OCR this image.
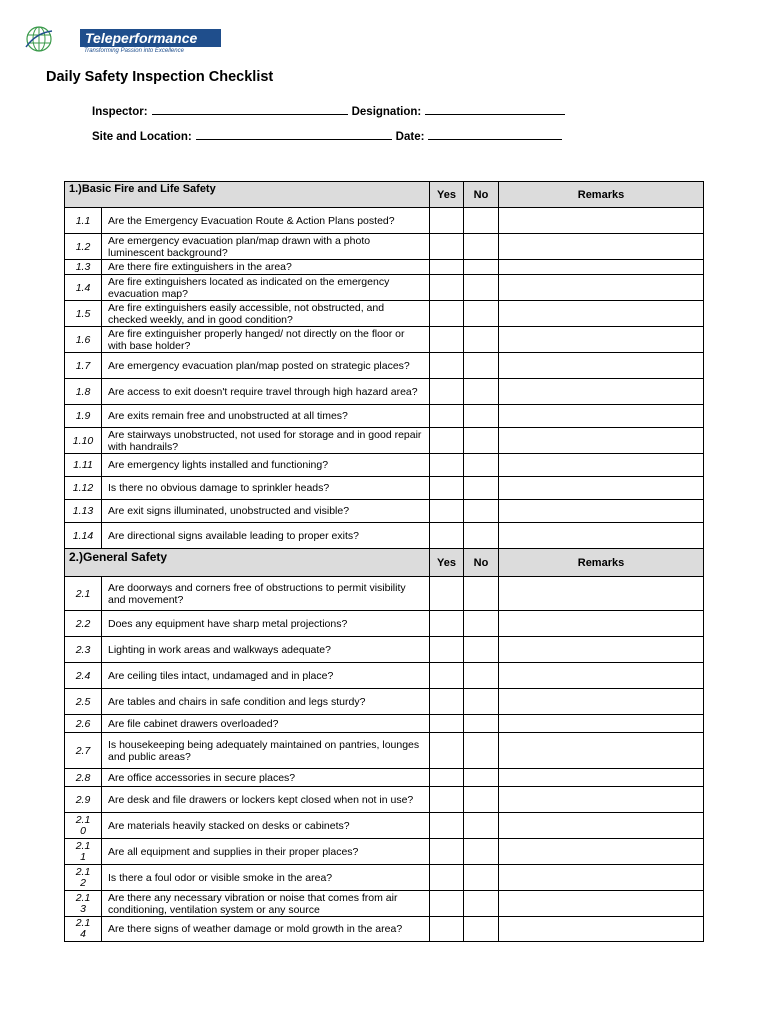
Teleperformance
Transforming Passion into Excellence
Daily Safety Inspection Checklist
Inspector:	Designation:
Site and Location:	Date:
1.)Basic Fire and Life Safety		Yes	No	Remarks
1.1	Are the Emergency Evacuation Route & Action Plans posted?			
1.2	Are emergency evacuation plan/map drawn with a photo luminescent background?			
1.3	Are there fire extinguishers in the area?			
1.4	Are fire extinguishers located as indicated on the emergency evacuation map?			
1.5	Are fire extinguishers easily accessible, not obstructed, and checked weekly, and in good condition?			
1.6	Are fire extinguisher properly hanged/ not directly on the floor or with base holder?			
1.7	Are emergency evacuation plan/map posted on strategic places?			
1.8	Are access to exit doesn't require travel through high hazard area?			
1.9	Are exits remain free and unobstructed at all times?			
1.10	Are stairways unobstructed, not used for storage and in good repair with handrails?			
1.11	Are emergency lights installed and functioning?			
1.12	Is there no obvious damage to sprinkler heads?			
1.13	Are exit signs illuminated, unobstructed and visible?			
1.14	Are directional signs available leading to proper exits?			
2.)General Safety		Yes	No	Remarks
2.1	Are doorways and corners free of obstructions to permit visibility and movement?			
2.2	Does any equipment have sharp metal projections?			
2.3	Lighting in work areas and walkways adequate?			
2.4	Are ceiling tiles intact, undamaged and in place?			
2.5	Are tables and chairs in safe condition and legs sturdy?			
2.6	Are file cabinet drawers overloaded?			
2.7	Is housekeeping being adequately maintained on pantries, lounges and public areas?			
2.8	Are office accessories in secure places?			
2.9	Are desk and file drawers or lockers kept closed when not in use?			
2.1 0	Are materials heavily stacked on desks or cabinets?			
2.1 1	Are all equipment and supplies in their proper places?			
2.1 2	Is there a foul odor or visible smoke in the area?			
2.1 3	Are there any necessary vibration or noise that comes from air conditioning, ventilation system or any source			
2.1 4	Are there signs of weather damage or mold growth in the area?			
